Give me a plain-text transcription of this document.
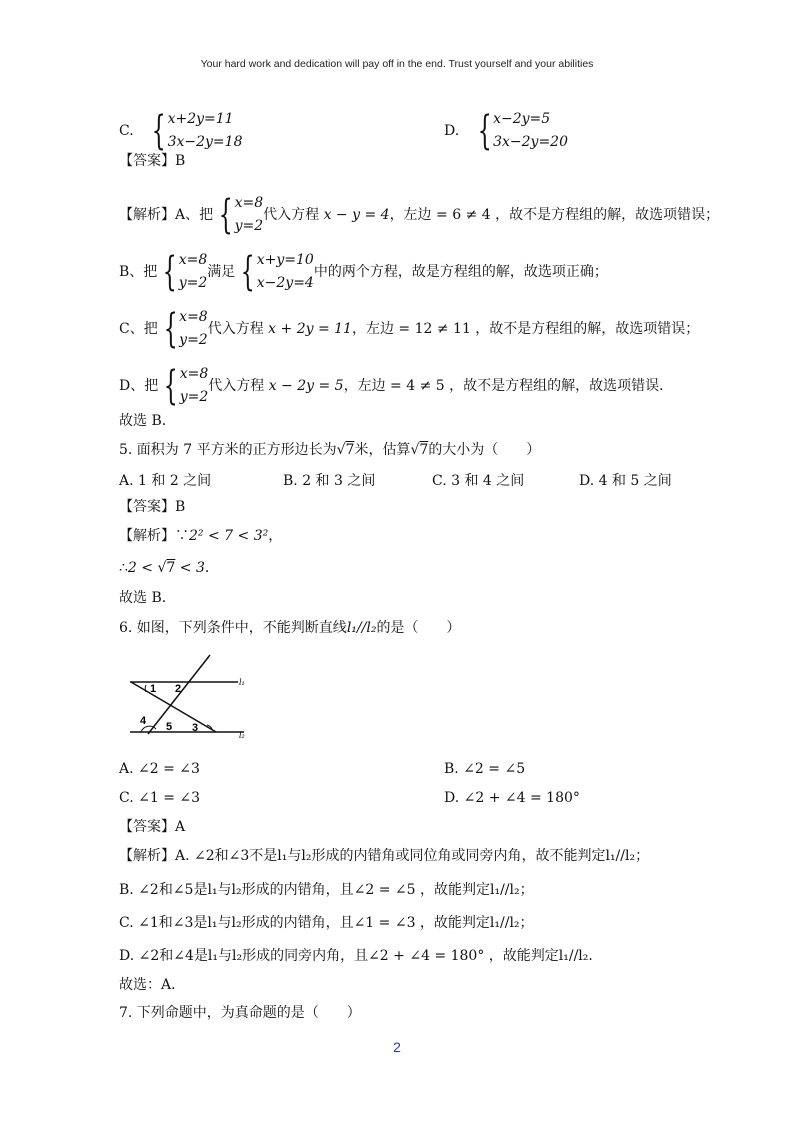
Your hard work and dedication will pay off in the end. Trust yourself and your abilities
C. { x+2y=11
3x−2y=18
D. { x−2y=5
3x−2y=20
【答案】B
【解析】A、把 { x=8
y=2
代入方程 x − y = 4，左边 = 6 ≠ 4 ，故不是方程组的解，故选项错误；
B、把 { x=8
y=2
满足 { x+y=10
x−2y=4
中的两个方程，故是方程组的解，故选项正确；
C、把 { x=8
y=2
代入方程 x + 2y = 11，左边 = 12 ≠ 11 ，故不是方程组的解，故选项错误；
D、把 { x=8
y=2
代入方程 x − 2y = 5，左边 = 4 ≠ 5 ，故不是方程组的解，故选项错误．
故选 B．
5. 面积为 7 平方米的正方形边长为√7米，估算√7的大小为（　　）
A. 1 和 2 之间	B. 2 和 3 之间	C. 3 和 4 之间	D. 4 和 5 之间
【答案】B
【解析】∵2² < 7 < 3²，
∴2 < √7 < 3．
故选 B．
6. 如图，下列条件中，不能判断直线l₁//l₂的是（　　）
1 2
3
4 5
l₁
l₂
A. ∠2 = ∠3	B. ∠2 = ∠5
C. ∠1 = ∠3	D. ∠2 + ∠4 = 180°
【答案】A
【解析】A. ∠2和∠3不是l₁与l₂形成的内错角或同位角或同旁内角，故不能判定l₁//l₂；
B. ∠2和∠5是l₁与l₂形成的内错角，且∠2 = ∠5 ，故能判定l₁//l₂；
C. ∠1和∠3是l₁与l₂形成的内错角，且∠1 = ∠3 ，故能判定l₁//l₂；
D. ∠2和∠4是l₁与l₂形成的同旁内角，且∠2 + ∠4 = 180° ，故能判定l₁//l₂．
故选：A．
7. 下列命题中，为真命题的是（　　）
2
